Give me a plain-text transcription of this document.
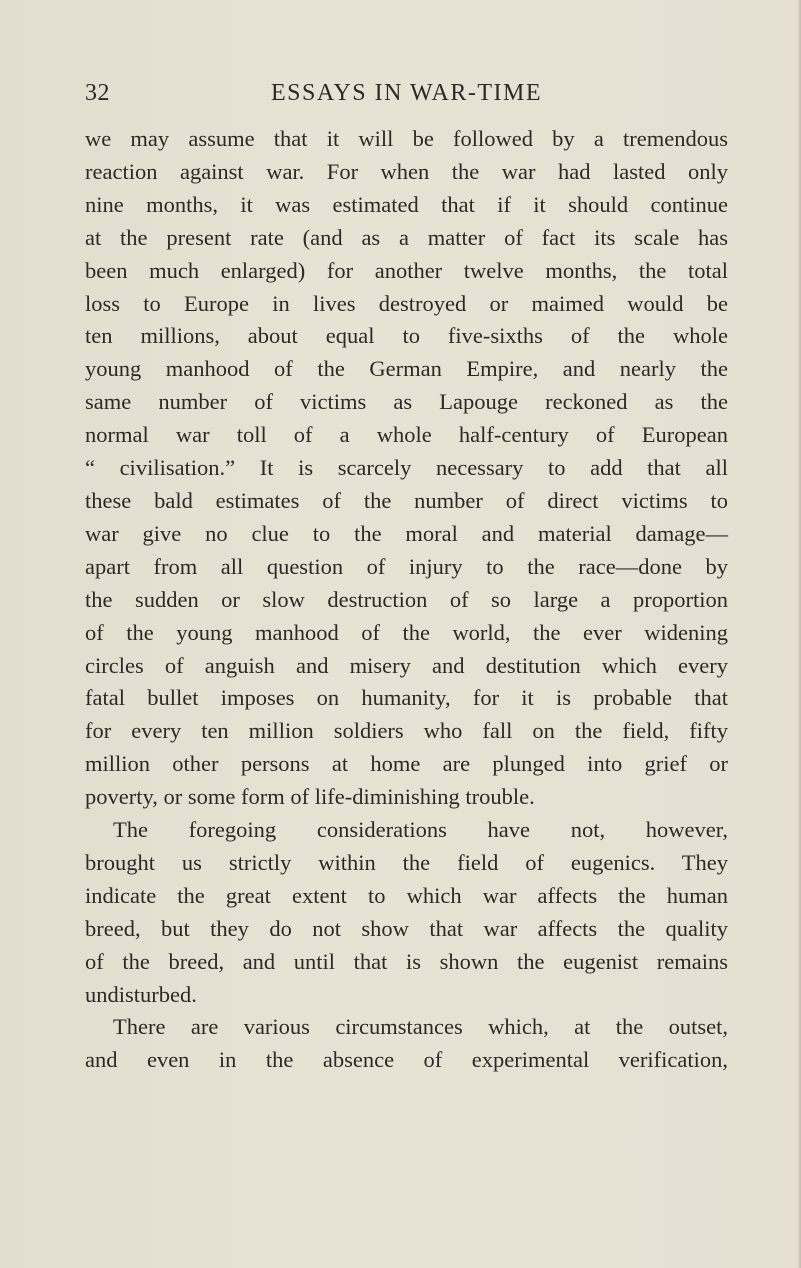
32	ESSAYS IN WAR-TIME
we may assume that it will be followed by a tremendous
reaction against war. For when the war had lasted only
nine months, it was estimated that if it should continue
at the present rate (and as a matter of fact its scale has
been much enlarged) for another twelve months, the total
loss to Europe in lives destroyed or maimed would be
ten millions, about equal to five-sixths of the whole
young manhood of the German Empire, and nearly the
same number of victims as Lapouge reckoned as the
normal war toll of a whole half-century of European
“ civilisation.” It is scarcely necessary to add that all
these bald estimates of the number of direct victims to
war give no clue to the moral and material damage—
apart from all question of injury to the race—done by
the sudden or slow destruction of so large a proportion
of the young manhood of the world, the ever widening
circles of anguish and misery and destitution which every
fatal bullet imposes on humanity, for it is probable that
for every ten million soldiers who fall on the field, fifty
million other persons at home are plunged into grief or
poverty, or some form of life-diminishing trouble.
The foregoing considerations have not, however,
brought us strictly within the field of eugenics. They
indicate the great extent to which war affects the human
breed, but they do not show that war affects the quality
of the breed, and until that is shown the eugenist remains
undisturbed.
There are various circumstances which, at the outset,
and even in the absence of experimental verification,
